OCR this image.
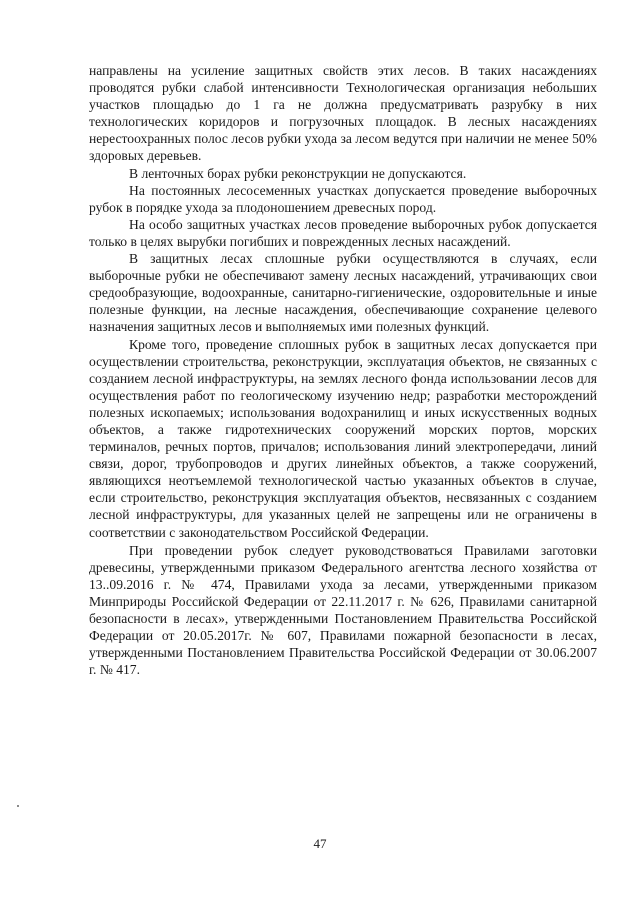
направлены на усиление защитных свойств этих лесов. В таких насаждениях проводятся рубки слабой интенсивности Технологическая организация небольших участков площадью до 1 га не должна предусматривать разрубку в них технологических коридоров и погрузочных площадок. В лесных насаждениях нерестоохранных полос лесов рубки ухода за лесом ведутся при наличии не менее 50% здоровых деревьев.

В ленточных борах рубки реконструкции не допускаются.

На постоянных лесосеменных участках допускается проведение выборочных рубок в порядке ухода за плодоношением древесных пород.

На особо защитных участках лесов проведение выборочных рубок допускается только в целях вырубки погибших и поврежденных лесных насаждений.

В защитных лесах сплошные рубки осуществляются в случаях, если выборочные рубки не обеспечивают замену лесных насаждений, утрачивающих свои средообразующие, водоохранные, санитарно-гигиенические, оздоровительные и иные полезные функции, на лесные насаждения, обеспечивающие сохранение целевого назначения защитных лесов и выполняемых ими полезных функций.

Кроме того, проведение сплошных рубок в защитных лесах допускается при осуществлении строительства, реконструкции, эксплуатация объектов, не связанных с созданием лесной инфраструктуры, на землях лесного фонда использовании лесов для осуществления работ по геологическому изучению недр; разработки месторождений полезных ископаемых; использования водохранилищ и иных искусственных водных объектов, а также гидротехнических сооружений морских портов, морских терминалов, речных портов, причалов; использования линий электропередачи, линий связи, дорог, трубопроводов и других линейных объектов, а также сооружений, являющихся неотъемлемой технологической частью указанных объектов в случае, если строительство, реконструкция эксплуатация объектов, несвязанных с созданием лесной инфраструктуры, для указанных целей не запрещены или не ограничены в соответствии с законодательством Российской Федерации.

При проведении рубок следует руководствоваться Правилами заготовки древесины, утвержденными приказом Федерального агентства лесного хозяйства от 13..09.2016 г. № 474, Правилами ухода за лесами, утвержденными приказом Минприроды Российской Федерации от 22.11.2017 г. № 626, Правилами санитарной безопасности в лесах», утвержденными Постановлением Правительства Российской Федерации от 20.05.2017г. № 607, Правилами пожарной безопасности в лесах, утвержденными Постановлением Правительства Российской Федерации от 30.06.2007 г. № 417.

47
